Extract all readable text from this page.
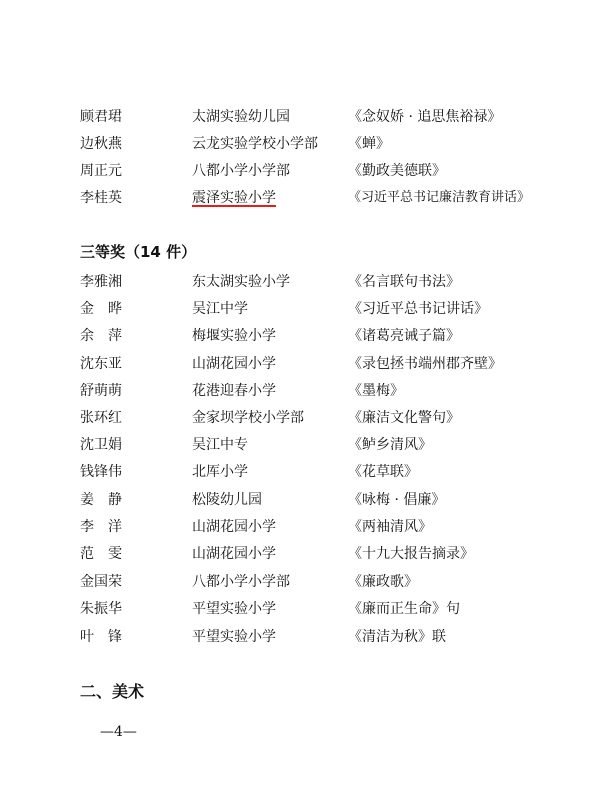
顾君珺	太湖实验幼儿园	《念奴娇 · 追思焦裕禄》
边秋燕	云龙实验学校小学部 《蝉》
周正元	八都小学小学部	《勤政美德联》
李桂英	震泽实验小学	《习近平总书记廉洁教育讲话》
三等奖（14 件）
李雅湘	东太湖实验小学	《名言联句书法》
金　晔	吴江中学	《习近平总书记讲话》
余　萍	梅堰实验小学	《诸葛亮诫子篇》
沈东亚	山湖花园小学	《录包拯书端州郡齐壁》
舒萌萌	花港迎春小学	《墨梅》
张环红	金家坝学校小学部	《廉洁文化警句》
沈卫娟	吴江中专	《鲈乡清风》
钱锋伟	北厍小学	《花草联》
姜　静	松陵幼儿园	《咏梅 · 倡廉》
李　洋	山湖花园小学	《两袖清风》
范　雯	山湖花园小学	《十九大报告摘录》
金国荣	八都小学小学部	《廉政歌》
朱振华	平望实验小学	《廉而正生命》句
叶　锋	平望实验小学	《清洁为秋》联
二、美术
—4—
